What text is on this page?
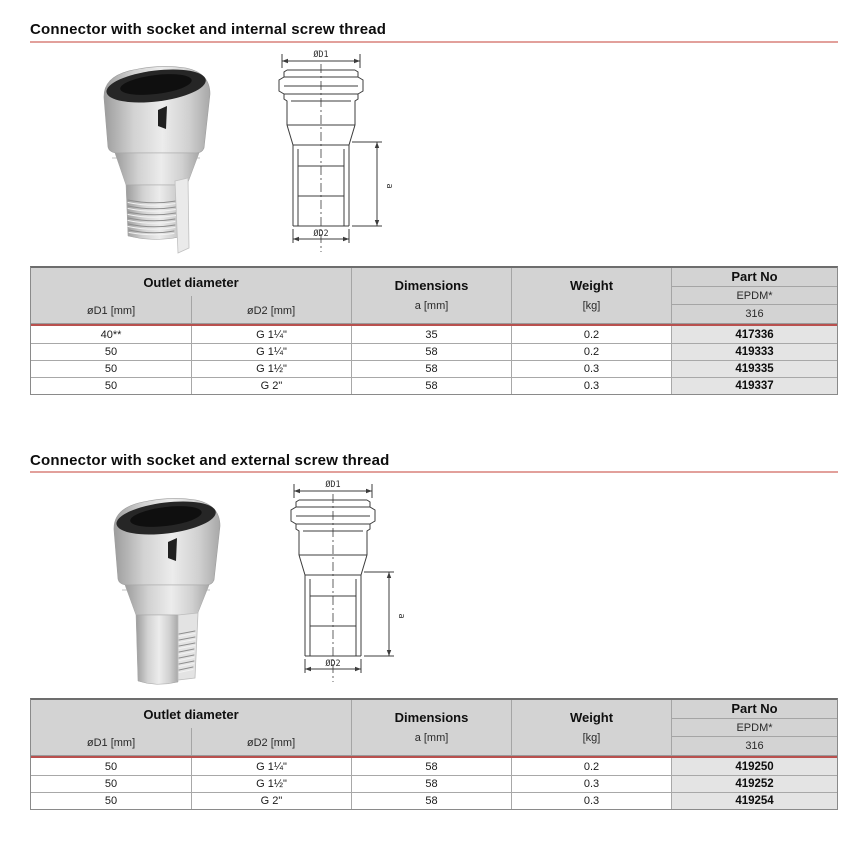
Connector with socket and internal screw thread
ØD1
ØD2
a
Outlet diameter
øD1 [mm]	øD2 [mm]
Dimensions
a [mm]
Weight
[kg]
Part No
EPDM*
316
40**	G 1¼"	35	0.2	417336
50	G 1¼"	58	0.2	419333
50	G 1½"	58	0.3	419335
50	G 2"	58	0.3	419337
Connector with socket and external screw thread
ØD1
ØD2
a
Outlet diameter
øD1 [mm]	øD2 [mm]
Dimensions
a [mm]
Weight
[kg]
Part No
EPDM*
316
50	G 1¼"	58	0.2	419250
50	G 1½"	58	0.3	419252
50	G 2"	58	0.3	419254
